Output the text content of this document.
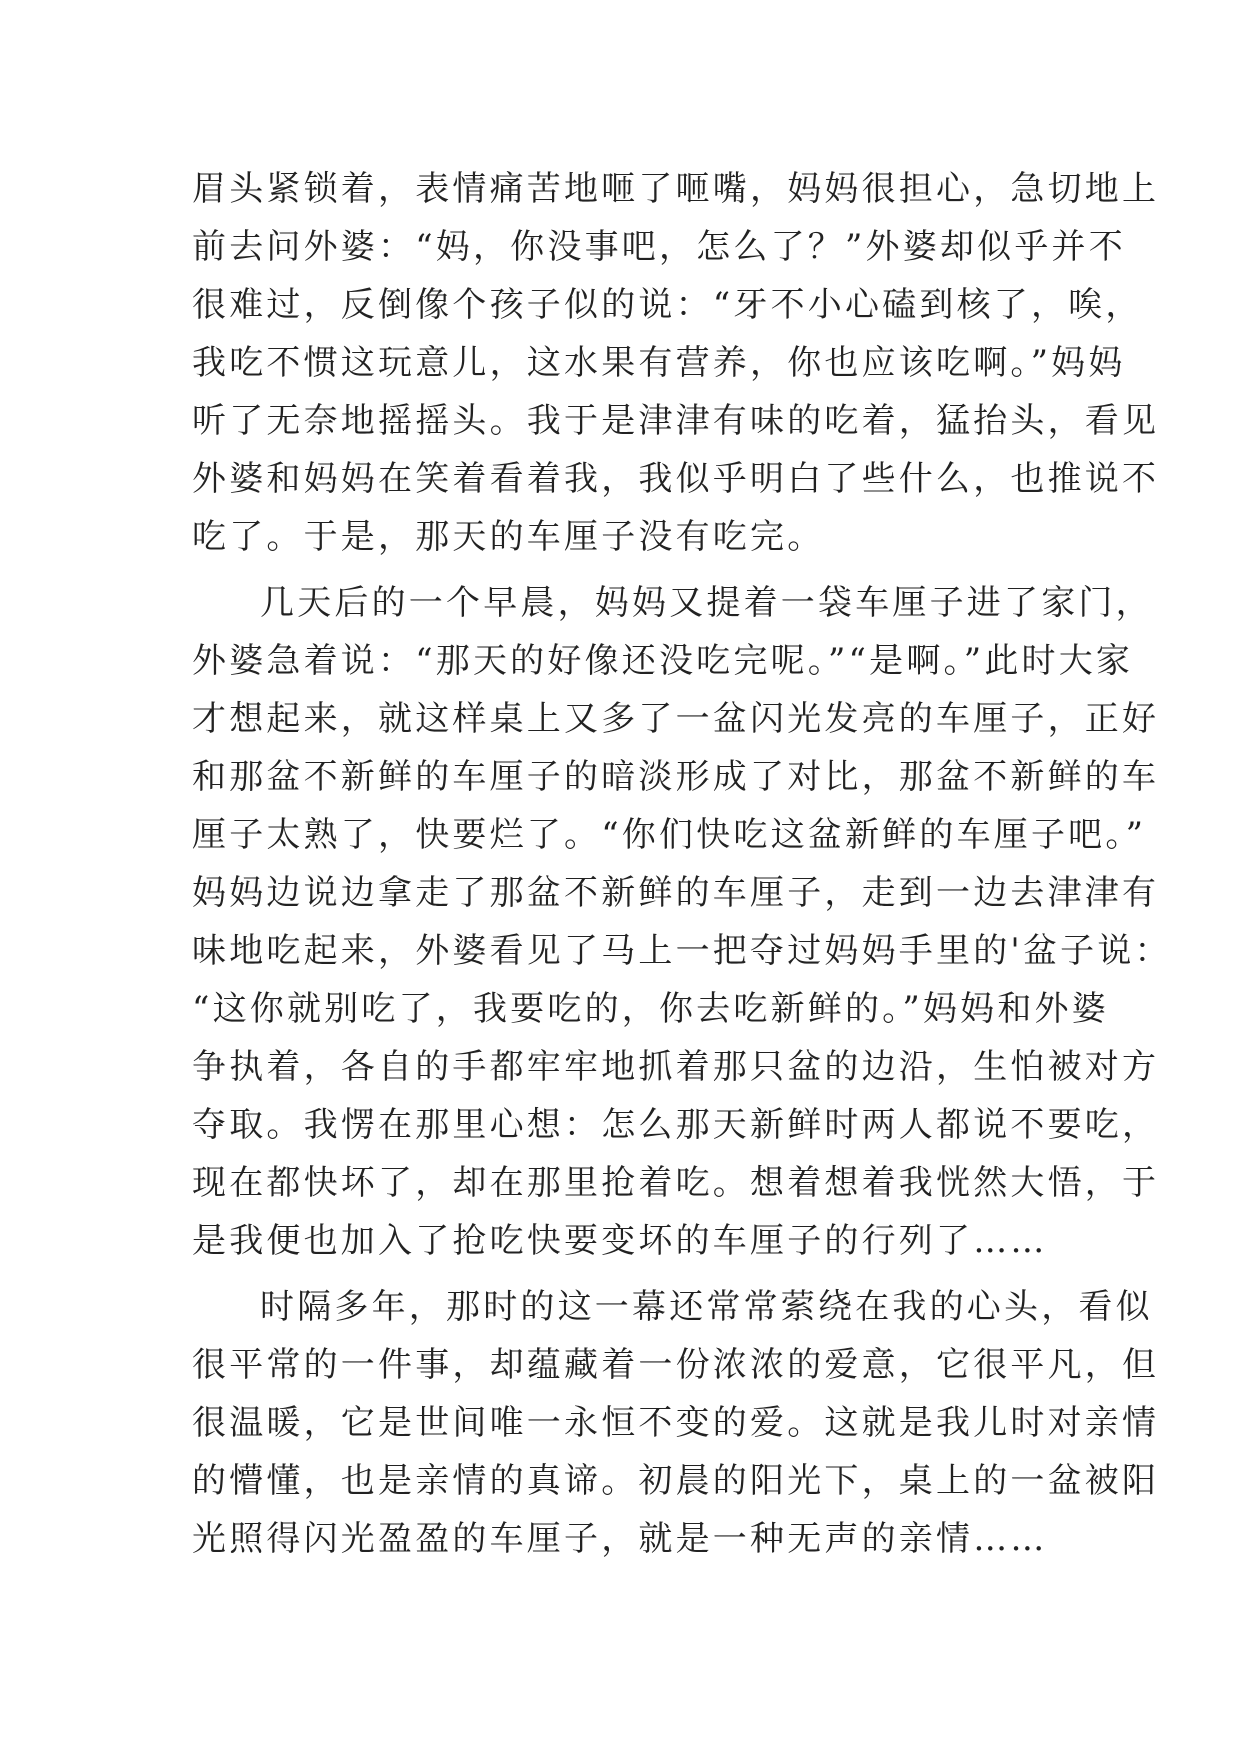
眉头紧锁着，表情痛苦地咂了咂嘴，妈妈很担心，急切地上
前去问外婆：“妈，你没事吧，怎么了？”外婆却似乎并不
很难过，反倒像个孩子似的说：“牙不小心磕到核了，唉，
我吃不惯这玩意儿，这水果有营养，你也应该吃啊。”妈妈
听了无奈地摇摇头。我于是津津有味的吃着，猛抬头，看见
外婆和妈妈在笑着看着我，我似乎明白了些什么，也推说不
吃了。于是，那天的车厘子没有吃完。
几天后的一个早晨，妈妈又提着一袋车厘子进了家门，
外婆急着说：“那天的好像还没吃完呢。”“是啊。”此时大家
才想起来，就这样桌上又多了一盆闪光发亮的车厘子，正好
和那盆不新鲜的车厘子的暗淡形成了对比，那盆不新鲜的车
厘子太熟了，快要烂了。“你们快吃这盆新鲜的车厘子吧。”
妈妈边说边拿走了那盆不新鲜的车厘子，走到一边去津津有
味地吃起来，外婆看见了马上一把夺过妈妈手里的'盆子说：
“这你就别吃了，我要吃的，你去吃新鲜的。”妈妈和外婆
争执着，各自的手都牢牢地抓着那只盆的边沿，生怕被对方
夺取。我愣在那里心想：怎么那天新鲜时两人都说不要吃，
现在都快坏了，却在那里抢着吃。想着想着我恍然大悟，于
是我便也加入了抢吃快要变坏的车厘子的行列了……
时隔多年，那时的这一幕还常常萦绕在我的心头，看似
很平常的一件事，却蕴藏着一份浓浓的爱意，它很平凡，但
很温暖，它是世间唯一永恒不变的爱。这就是我儿时对亲情
的懵懂，也是亲情的真谛。初晨的阳光下，桌上的一盆被阳
光照得闪光盈盈的车厘子，就是一种无声的亲情……
